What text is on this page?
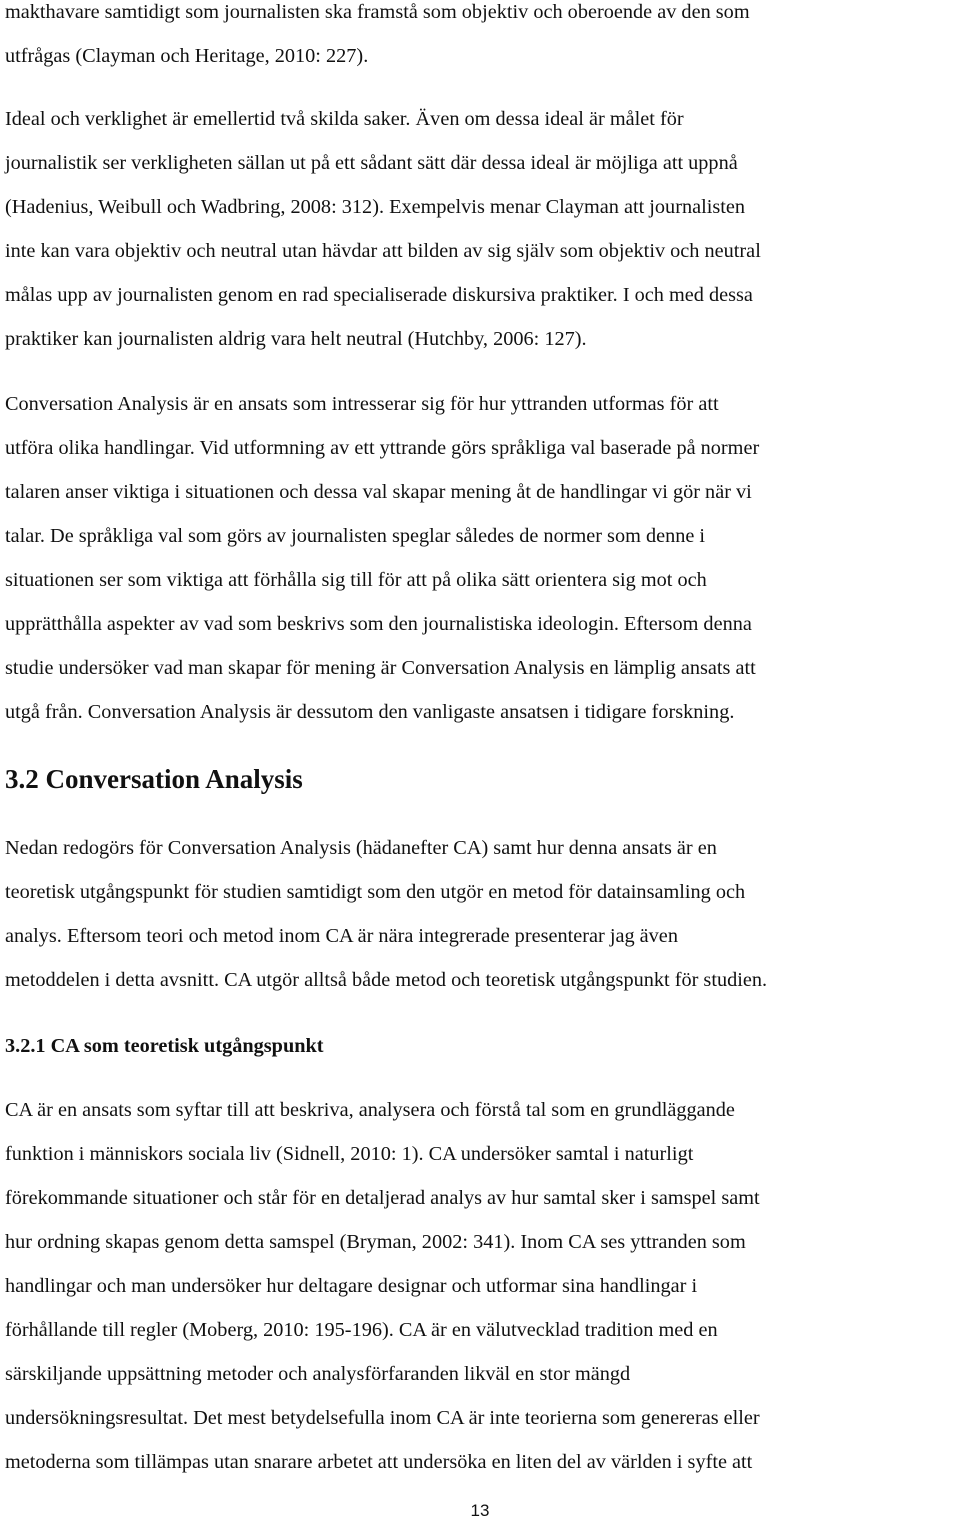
makthavare samtidigt som journalisten ska framstå som objektiv och oberoende av den som
utfrågas (Clayman och Heritage, 2010: 227).

Ideal och verklighet är emellertid två skilda saker. Även om dessa ideal är målet för
journalistik ser verkligheten sällan ut på ett sådant sätt där dessa ideal är möjliga att uppnå
(Hadenius, Weibull och Wadbring, 2008: 312). Exempelvis menar Clayman att journalisten
inte kan vara objektiv och neutral utan hävdar att bilden av sig själv som objektiv och neutral
målas upp av journalisten genom en rad specialiserade diskursiva praktiker. I och med dessa
praktiker kan journalisten aldrig vara helt neutral (Hutchby, 2006: 127).

Conversation Analysis är en ansats som intresserar sig för hur yttranden utformas för att
utföra olika handlingar. Vid utformning av ett yttrande görs språkliga val baserade på normer
talaren anser viktiga i situationen och dessa val skapar mening åt de handlingar vi gör när vi
talar. De språkliga val som görs av journalisten speglar således de normer som denne i
situationen ser som viktiga att förhålla sig till för att på olika sätt orientera sig mot och
upprätthålla aspekter av vad som beskrivs som den journalistiska ideologin. Eftersom denna
studie undersöker vad man skapar för mening är Conversation Analysis en lämplig ansats att
utgå från. Conversation Analysis är dessutom den vanligaste ansatsen i tidigare forskning.

3.2 Conversation Analysis

Nedan redogörs för Conversation Analysis (hädanefter CA) samt hur denna ansats är en
teoretisk utgångspunkt för studien samtidigt som den utgör en metod för datainsamling och
analys. Eftersom teori och metod inom CA är nära integrerade presenterar jag även
metoddelen i detta avsnitt. CA utgör alltså både metod och teoretisk utgångspunkt för studien.

3.2.1 CA som teoretisk utgångspunkt

CA är en ansats som syftar till att beskriva, analysera och förstå tal som en grundläggande
funktion i människors sociala liv (Sidnell, 2010: 1). CA undersöker samtal i naturligt
förekommande situationer och står för en detaljerad analys av hur samtal sker i samspel samt
hur ordning skapas genom detta samspel (Bryman, 2002: 341). Inom CA ses yttranden som
handlingar och man undersöker hur deltagare designar och utformar sina handlingar i
förhållande till regler (Moberg, 2010: 195-196). CA är en välutvecklad tradition med en
särskiljande uppsättning metoder och analysförfaranden likväl en stor mängd
undersökningsresultat. Det mest betydelsefulla inom CA är inte teorierna som genereras eller
metoderna som tillämpas utan snarare arbetet att undersöka en liten del av världen i syfte att

13
